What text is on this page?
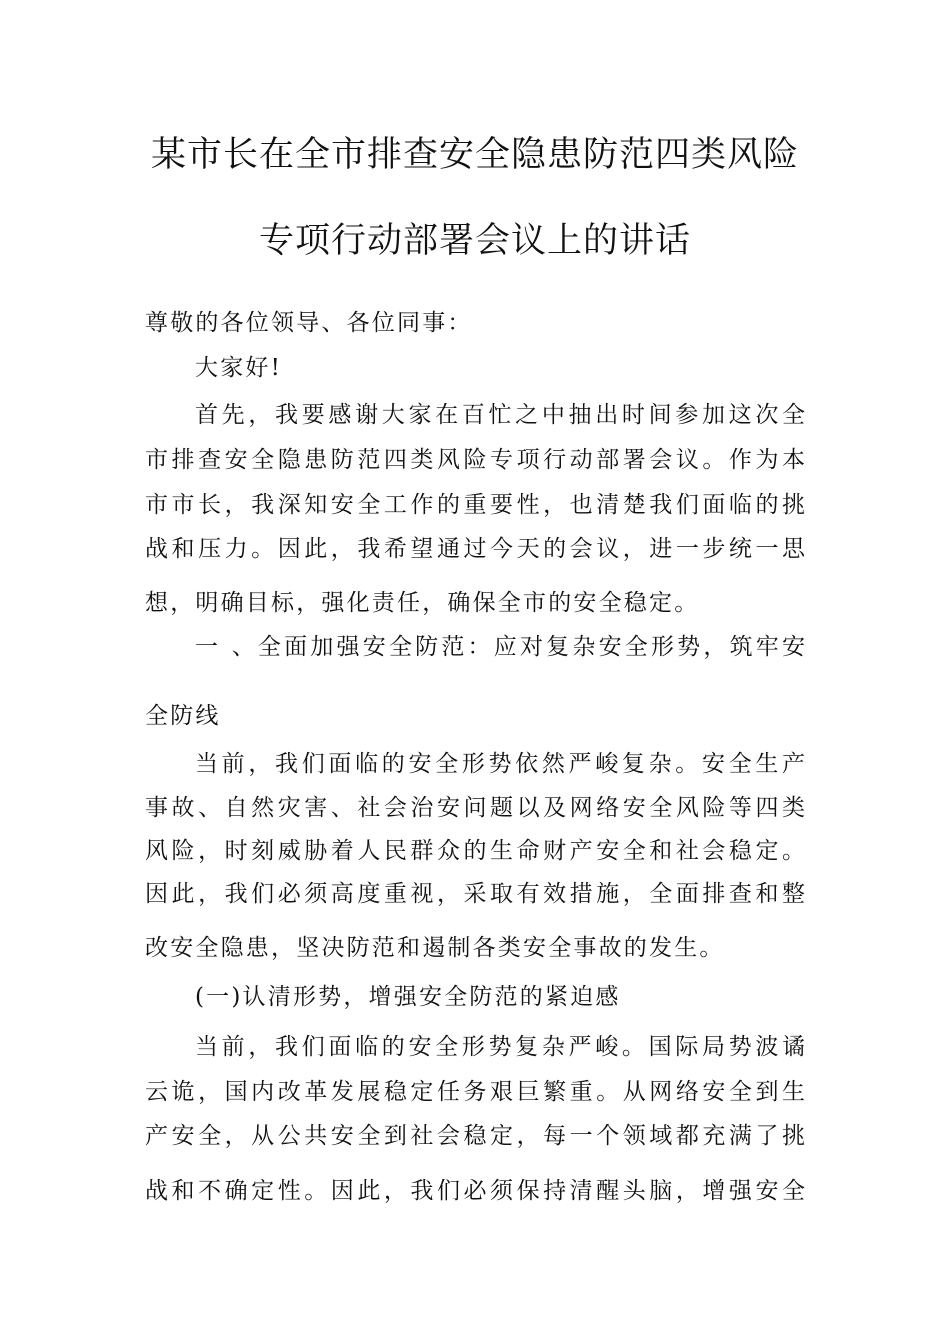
某市长在全市排查安全隐患防范四类风险
专项行动部署会议上的讲话

尊敬的各位领导、各位同事：

大家好!

首先，我要感谢大家在百忙之中抽出时间参加这次全

市排查安全隐患防范四类风险专项行动部署会议。作为本

市市长，我深知安全工作的重要性，也清楚我们面临的挑

战和压力。因此，我希望通过今天的会议，进一步统一思

想，明确目标，强化责任，确保全市的安全稳定。

一 、全面加强安全防范：应对复杂安全形势，筑牢安

全防线

当前，我们面临的安全形势依然严峻复杂。安全生产

事故、自然灾害、社会治安问题以及网络安全风险等四类

风险，时刻威胁着人民群众的生命财产安全和社会稳定。

因此，我们必须高度重视，采取有效措施，全面排查和整

改安全隐患，坚决防范和遏制各类安全事故的发生。

(一)认清形势，增强安全防范的紧迫感

当前，我们面临的安全形势复杂严峻。国际局势波谲

云诡，国内改革发展稳定任务艰巨繁重。从网络安全到生

产安全，从公共安全到社会稳定，每一个领域都充满了挑

战和不确定性。因此，我们必须保持清醒头脑，增强安全
